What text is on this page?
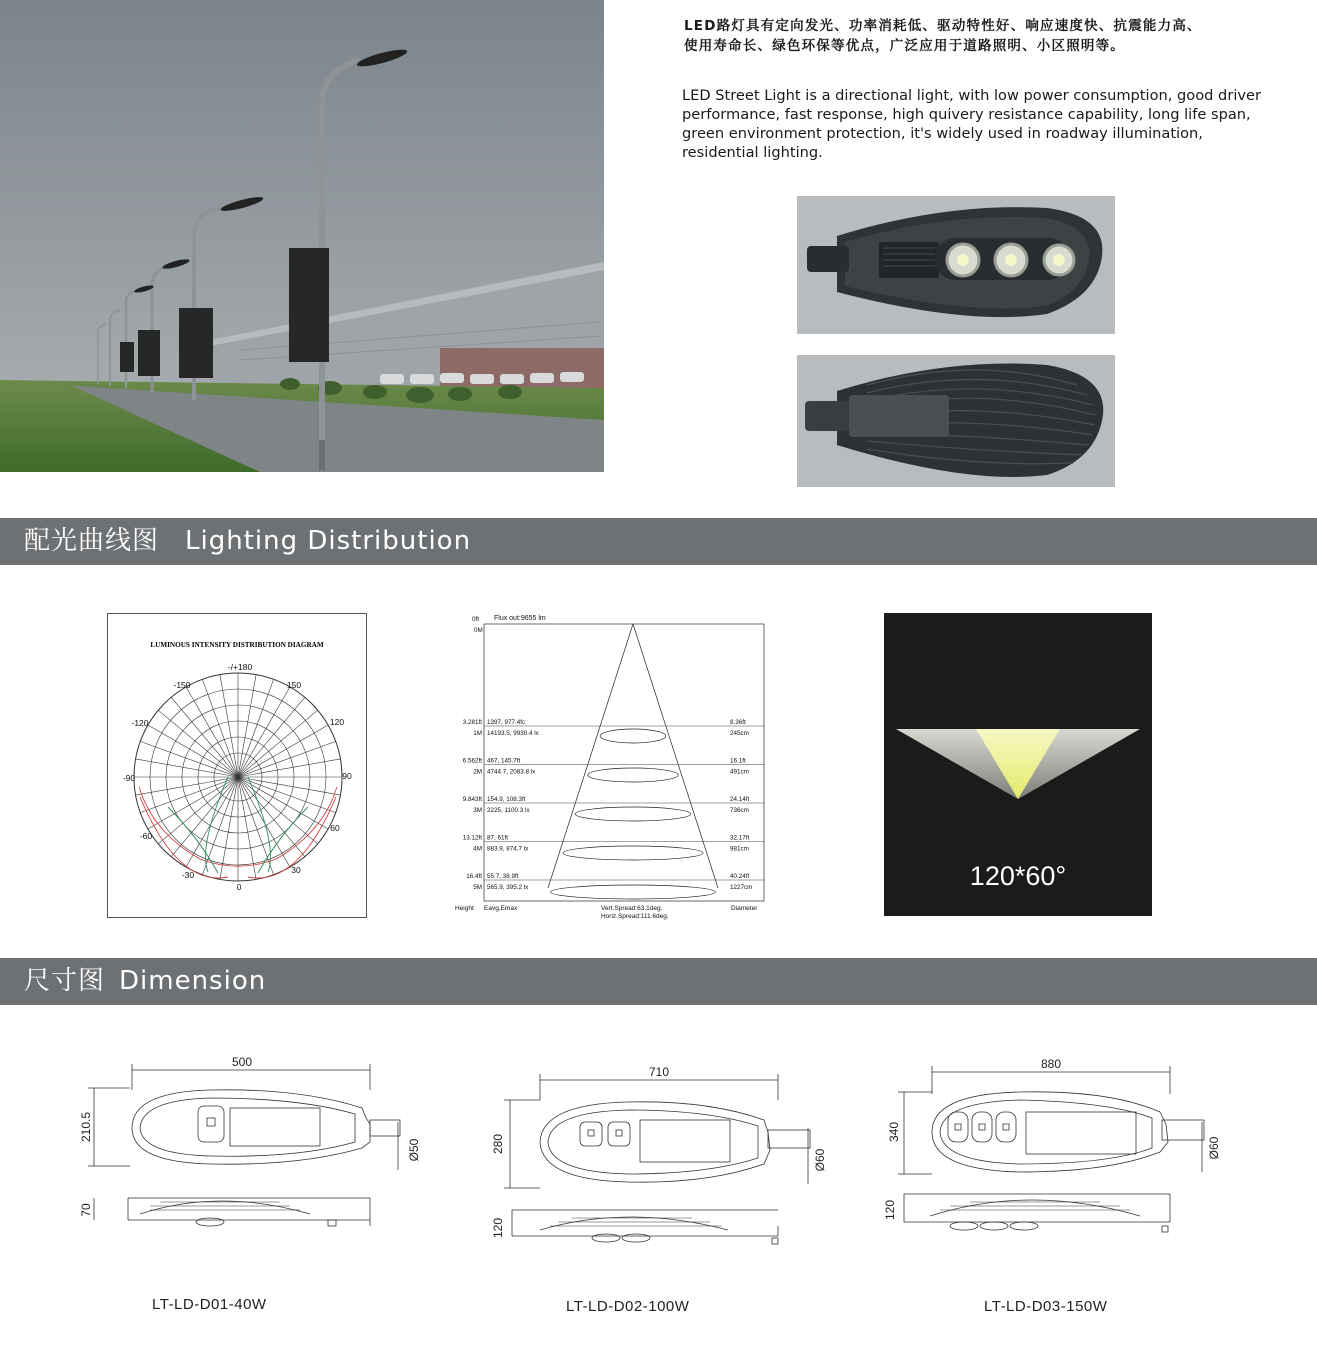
LED路灯具有定向发光、功率消耗低、驱动特性好、响应速度快、抗震能力高、
使用寿命长、绿色环保等优点，广泛应用于道路照明、小区照明等。
LED Street Light is a directional light, with low power consumption, good driver
performance, fast response, high quivery resistance capability, long life span,
green environment protection, it's widely used in roadway illumination,
residential lighting.
配光曲线图 Lighting Distribution
LUMINOUS INTENSITY DISTRIBUTION DIAGRAM
-/+180
-150	150
-120	120
-90	90
-60
60
-30	30
0
0ft
0M
Flux out:9655 lm
3.281ft 1397, 977.4fc
1M 14193.5, 9930.4 lx
8.36ft
245cm
6.562ft 467, 145.7ft
2M 4744.7, 2083.8 lx
16.1ft
491cm
9.843ft 154.9, 108.3ft
3M 2225, 1100.3 lx
24.14ft
736cm
13.12ft 87, 61ft
4M 883.9, 874.7 lx
32.17ft
981cm
16.4ft 55.7, 38.9ft
5M 565.9, 395.2 lx
40.24ft
1227cm
Height Eavg,Emax	Vert.Spread:63.1deg.
Horiz.Spread:111.6deg.
Diameter
120*60°
尺寸图 Dimension
500
210.5
Ø50
70
LT-LD-D01-40W
710
280
Ø60
120
LT-LD-D02-100W
880
340
Ø60
120
LT-LD-D03-150W
